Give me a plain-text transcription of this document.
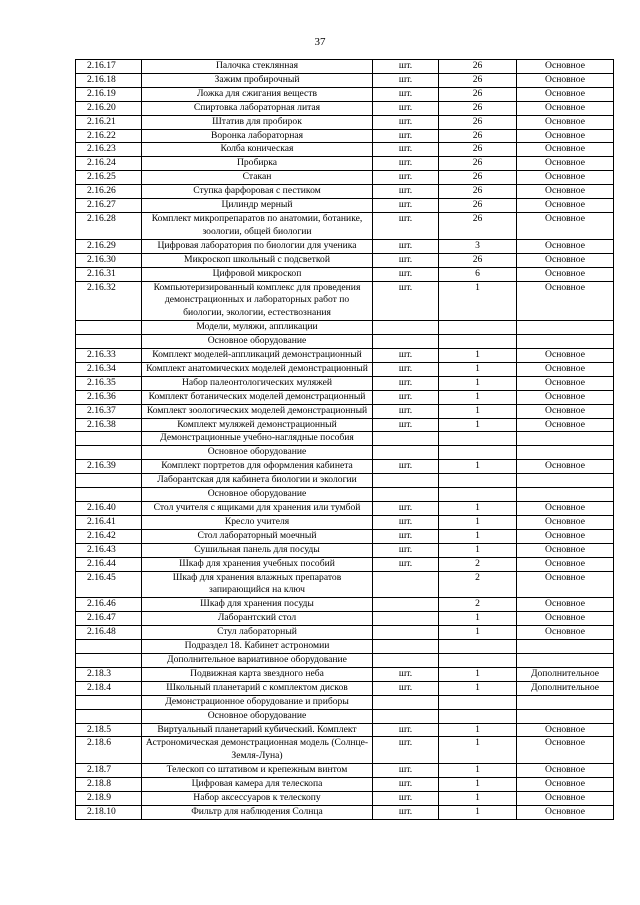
37
2.16.17	Палочка стеклянная	шт.	26	Основное
2.16.18	Зажим пробирочный	шт.	26	Основное
2.16.19	Ложка для сжигания веществ	шт.	26	Основное
2.16.20	Спиртовка лабораторная литая	шт.	26	Основное
2.16.21	Штатив для пробирок	шт.	26	Основное
2.16.22	Воронка лабораторная	шт.	26	Основное
2.16.23	Колба коническая	шт.	26	Основное
2.16.24	Пробирка	шт.	26	Основное
2.16.25	Стакан	шт.	26	Основное
2.16.26	Ступка фарфоровая с пестиком	шт.	26	Основное
2.16.27	Цилиндр мерный	шт.	26	Основное
2.16.28	Комплект микропрепаратов по анатомии, ботанике, зоологии, общей биологии	шт.	26	Основное
2.16.29	Цифровая лаборатория по биологии для ученика	шт.	3	Основное
2.16.30	Микроскоп школьный с подсветкой	шт.	26	Основное
2.16.31	Цифровой микроскоп	шт.	6	Основное
2.16.32	Компьютеризированный комплекс для проведения демонстрационных и лабораторных работ по биологии, экологии, естествознания	шт.	1	Основное
	Модели, муляжи, аппликации			
	Основное оборудование			
2.16.33	Комплект моделей-аппликаций демонстрационный	шт.	1	Основное
2.16.34	Комплект анатомических моделей демонстрационный	шт.	1	Основное
2.16.35	Набор палеонтологических муляжей	шт.	1	Основное
2.16.36	Комплект ботанических моделей демонстрационный	шт.	1	Основное
2.16.37	Комплект зоологических моделей демонстрационный	шт.	1	Основное
2.16.38	Комплект муляжей демонстрационный	шт.	1	Основное
	Демонстрационные учебно-наглядные пособия			
	Основное оборудование			
2.16.39	Комплект портретов для оформления кабинета	шт.	1	Основное
	Лаборантская для кабинета биологии и экологии			
	Основное оборудование			
2.16.40	Стол учителя с ящиками для хранения или тумбой	шт.	1	Основное
2.16.41	Кресло учителя	шт.	1	Основное
2.16.42	Стол лабораторный моечный	шт.	1	Основное
2.16.43	Сушильная панель для посуды	шт.	1	Основное
2.16.44	Шкаф для хранения учебных пособий	шт.	2	Основное
2.16.45	Шкаф для хранения влажных препаратов запирающийся на ключ		2	Основное
2.16.46	Шкаф для хранения посуды		2	Основное
2.16.47	Лаборантский стол		1	Основное
2.16.48	Стул лабораторный		1	Основное
	Подраздел 18. Кабинет астрономии			
	Дополнительное вариативное оборудование			
2.18.3	Подвижная карта звездного неба	шт.	1	Дополнительное
2.18.4	Школьный планетарий с комплектом дисков	шт.	1	Дополнительное
	Демонстрационное оборудование и приборы			
	Основное оборудование			
2.18.5	Виртуальный планетарий кубический. Комплект	шт.	1	Основное
2.18.6	Астрономическая демонстрационная модель (Солнце-Земля-Луна)	шт.	1	Основное
2.18.7	Телескоп со штативом и крепежным винтом	шт.	1	Основное
2.18.8	Цифровая камера для телескопа	шт.	1	Основное
2.18.9	Набор аксессуаров к телескопу	шт.	1	Основное
2.18.10	Фильтр для наблюдения Солнца	шт.	1	Основное
